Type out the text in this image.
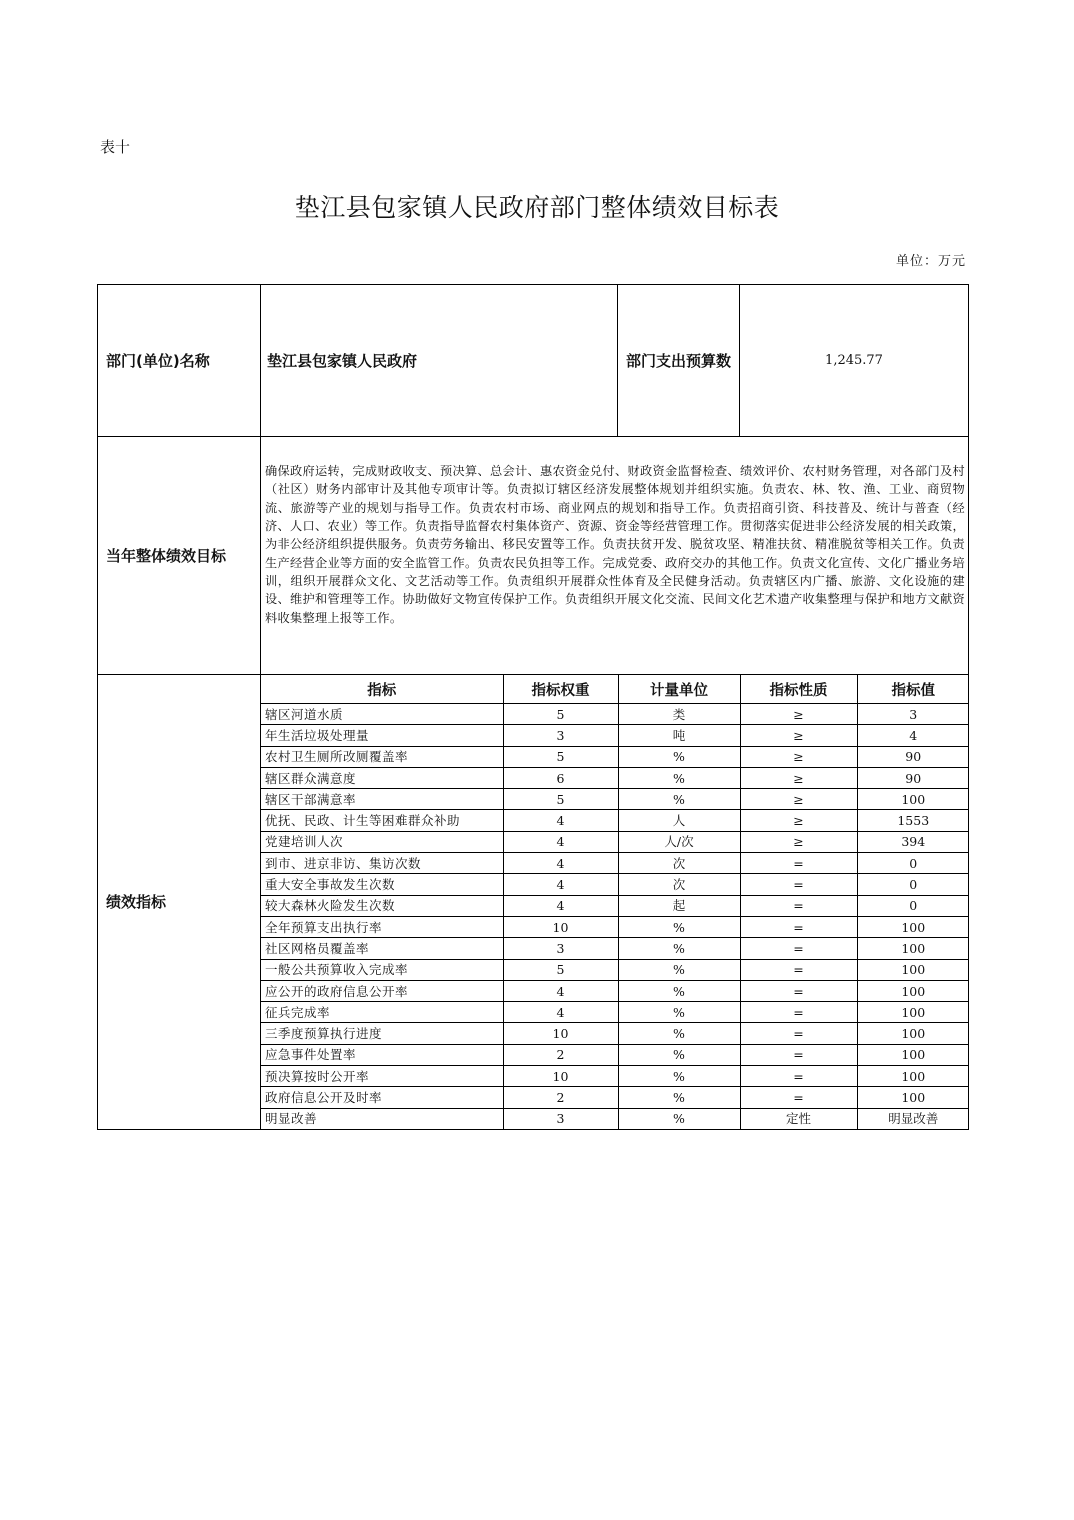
表十
垫江县包家镇人民政府部门整体绩效目标表
单位：万元
部门(单位)名称	垫江县包家镇人民政府	部门支出预算数	1,245.77
当年整体绩效目标	确保政府运转，完成财政收支、预决算、总会计、惠农资金兑付、财政资金监督检查、绩效评价、农村财务管理，对各部门及村（社区）财务内部审计及其他专项审计等。负责拟订辖区经济发展整体规划并组织实施。负责农、林、牧、渔、工业、商贸物流、旅游等产业的规划与指导工作。负责农村市场、商业网点的规划和指导工作。负责招商引资、科技普及、统计与普查（经济、人口、农业）等工作。负责指导监督农村集体资产、资源、资金等经营管理工作。贯彻落实促进非公经济发展的相关政策，为非公经济组织提供服务。负责劳务输出、移民安置等工作。负责扶贫开发、脱贫攻坚、精准扶贫、精准脱贫等相关工作。负责生产经营企业等方面的安全监管工作。负责农民负担等工作。完成党委、政府交办的其他工作。负责文化宣传、文化广播业务培训，组织开展群众文化、文艺活动等工作。负责组织开展群众性体育及全民健身活动。负责辖区内广播、旅游、文化设施的建设、维护和管理等工作。协助做好文物宣传保护工作。负责组织开展文化交流、民间文化艺术遗产收集整理与保护和地方文献资料收集整理上报等工作。
绩效指标	
指标	指标权重	计量单位	指标性质	指标值
辖区河道水质	5	类	≥	3
年生活垃圾处理量	3	吨	≥	4
农村卫生厕所改厕覆盖率	5	%	≥	90
辖区群众满意度	6	%	≥	90
辖区干部满意率	5	%	≥	100
优抚、民政、计生等困难群众补助	4	人	≥	1553
党建培训人次	4	人/次	≥	394
到市、进京非访、集访次数	4	次	=	0
重大安全事故发生次数	4	次	=	0
较大森林火险发生次数	4	起	=	0
全年预算支出执行率	10	%	=	100
社区网格员覆盖率	3	%	=	100
一般公共预算收入完成率	5	%	=	100
应公开的政府信息公开率	4	%	=	100
征兵完成率	4	%	=	100
三季度预算执行进度	10	%	=	100
应急事件处置率	2	%	=	100
预决算按时公开率	10	%	=	100
政府信息公开及时率	2	%	=	100
明显改善	3	%	定性	明显改善
